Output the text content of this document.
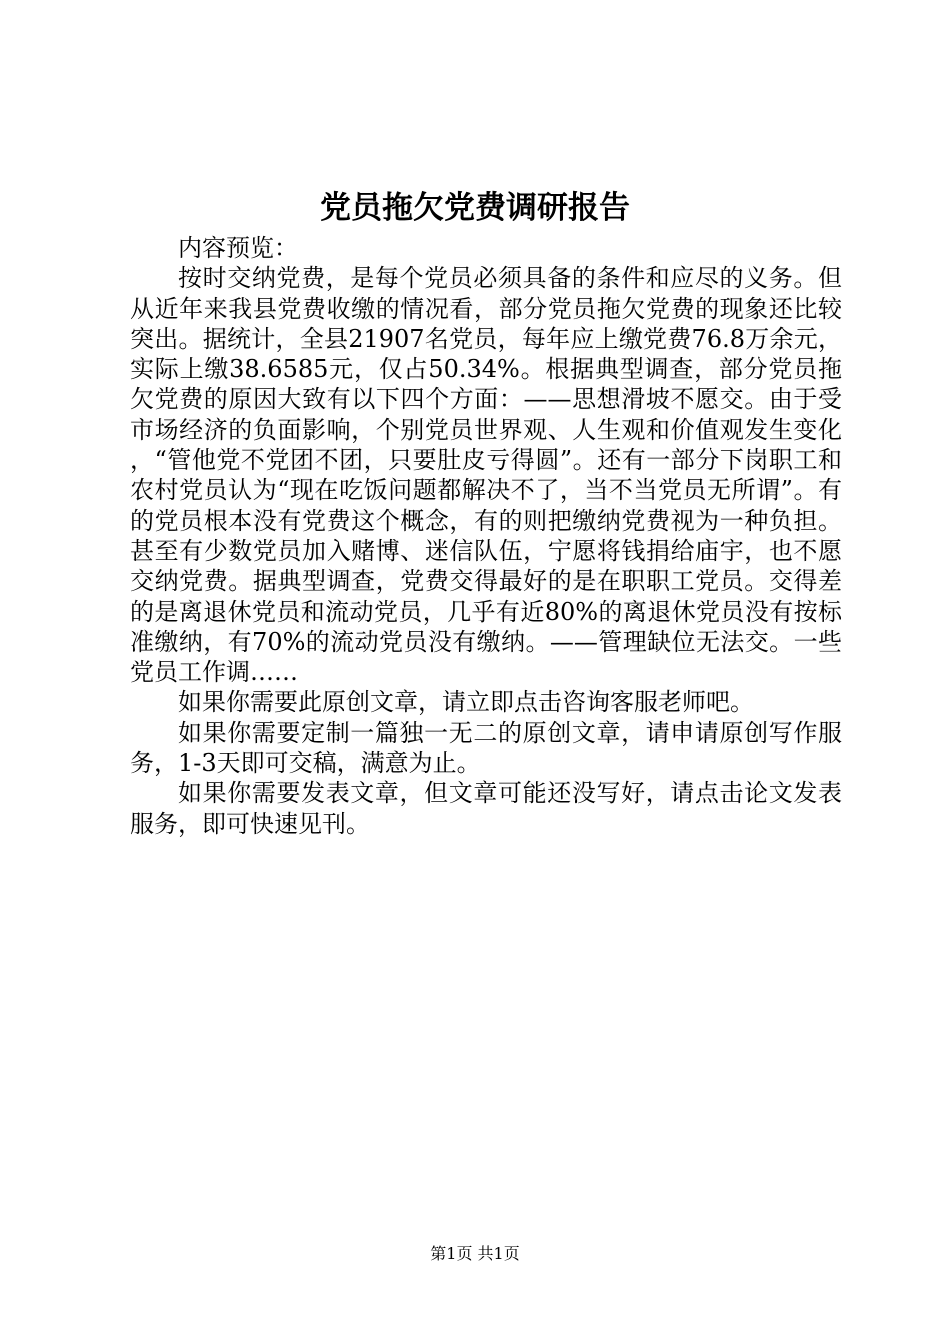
党员拖欠党费调研报告

内容预览：

按时交纳党费，是每个党员必须具备的条件和应尽的义务。但从近年来我县党费收缴的情况看，部分党员拖欠党费的现象还比较突出。据统计，全县21907名党员，每年应上缴党费76.8万余元，实际上缴38.6585元，仅占50.34%。根据典型调查，部分党员拖欠党费的原因大致有以下四个方面：——思想滑坡不愿交。由于受市场经济的负面影响，个别党员世界观、人生观和价值观发生变化，“管他党不党团不团，只要肚皮亏得圆”。还有一部分下岗职工和农村党员认为“现在吃饭问题都解决不了，当不当党员无所谓”。有的党员根本没有党费这个概念，有的则把缴纳党费视为一种负担。甚至有少数党员加入赌博、迷信队伍，宁愿将钱捐给庙宇，也不愿交纳党费。据典型调查，党费交得最好的是在职职工党员。交得差的是离退休党员和流动党员，几乎有近80%的离退休党员没有按标准缴纳，有70%的流动党员没有缴纳。——管理缺位无法交。一些党员工作调……

如果你需要此原创文章，请立即点击咨询客服老师吧。

如果你需要定制一篇独一无二的原创文章，请申请原创写作服务，1-3天即可交稿，满意为止。

如果你需要发表文章，但文章可能还没写好，请点击论文发表服务，即可快速见刊。

第1页 共1页
